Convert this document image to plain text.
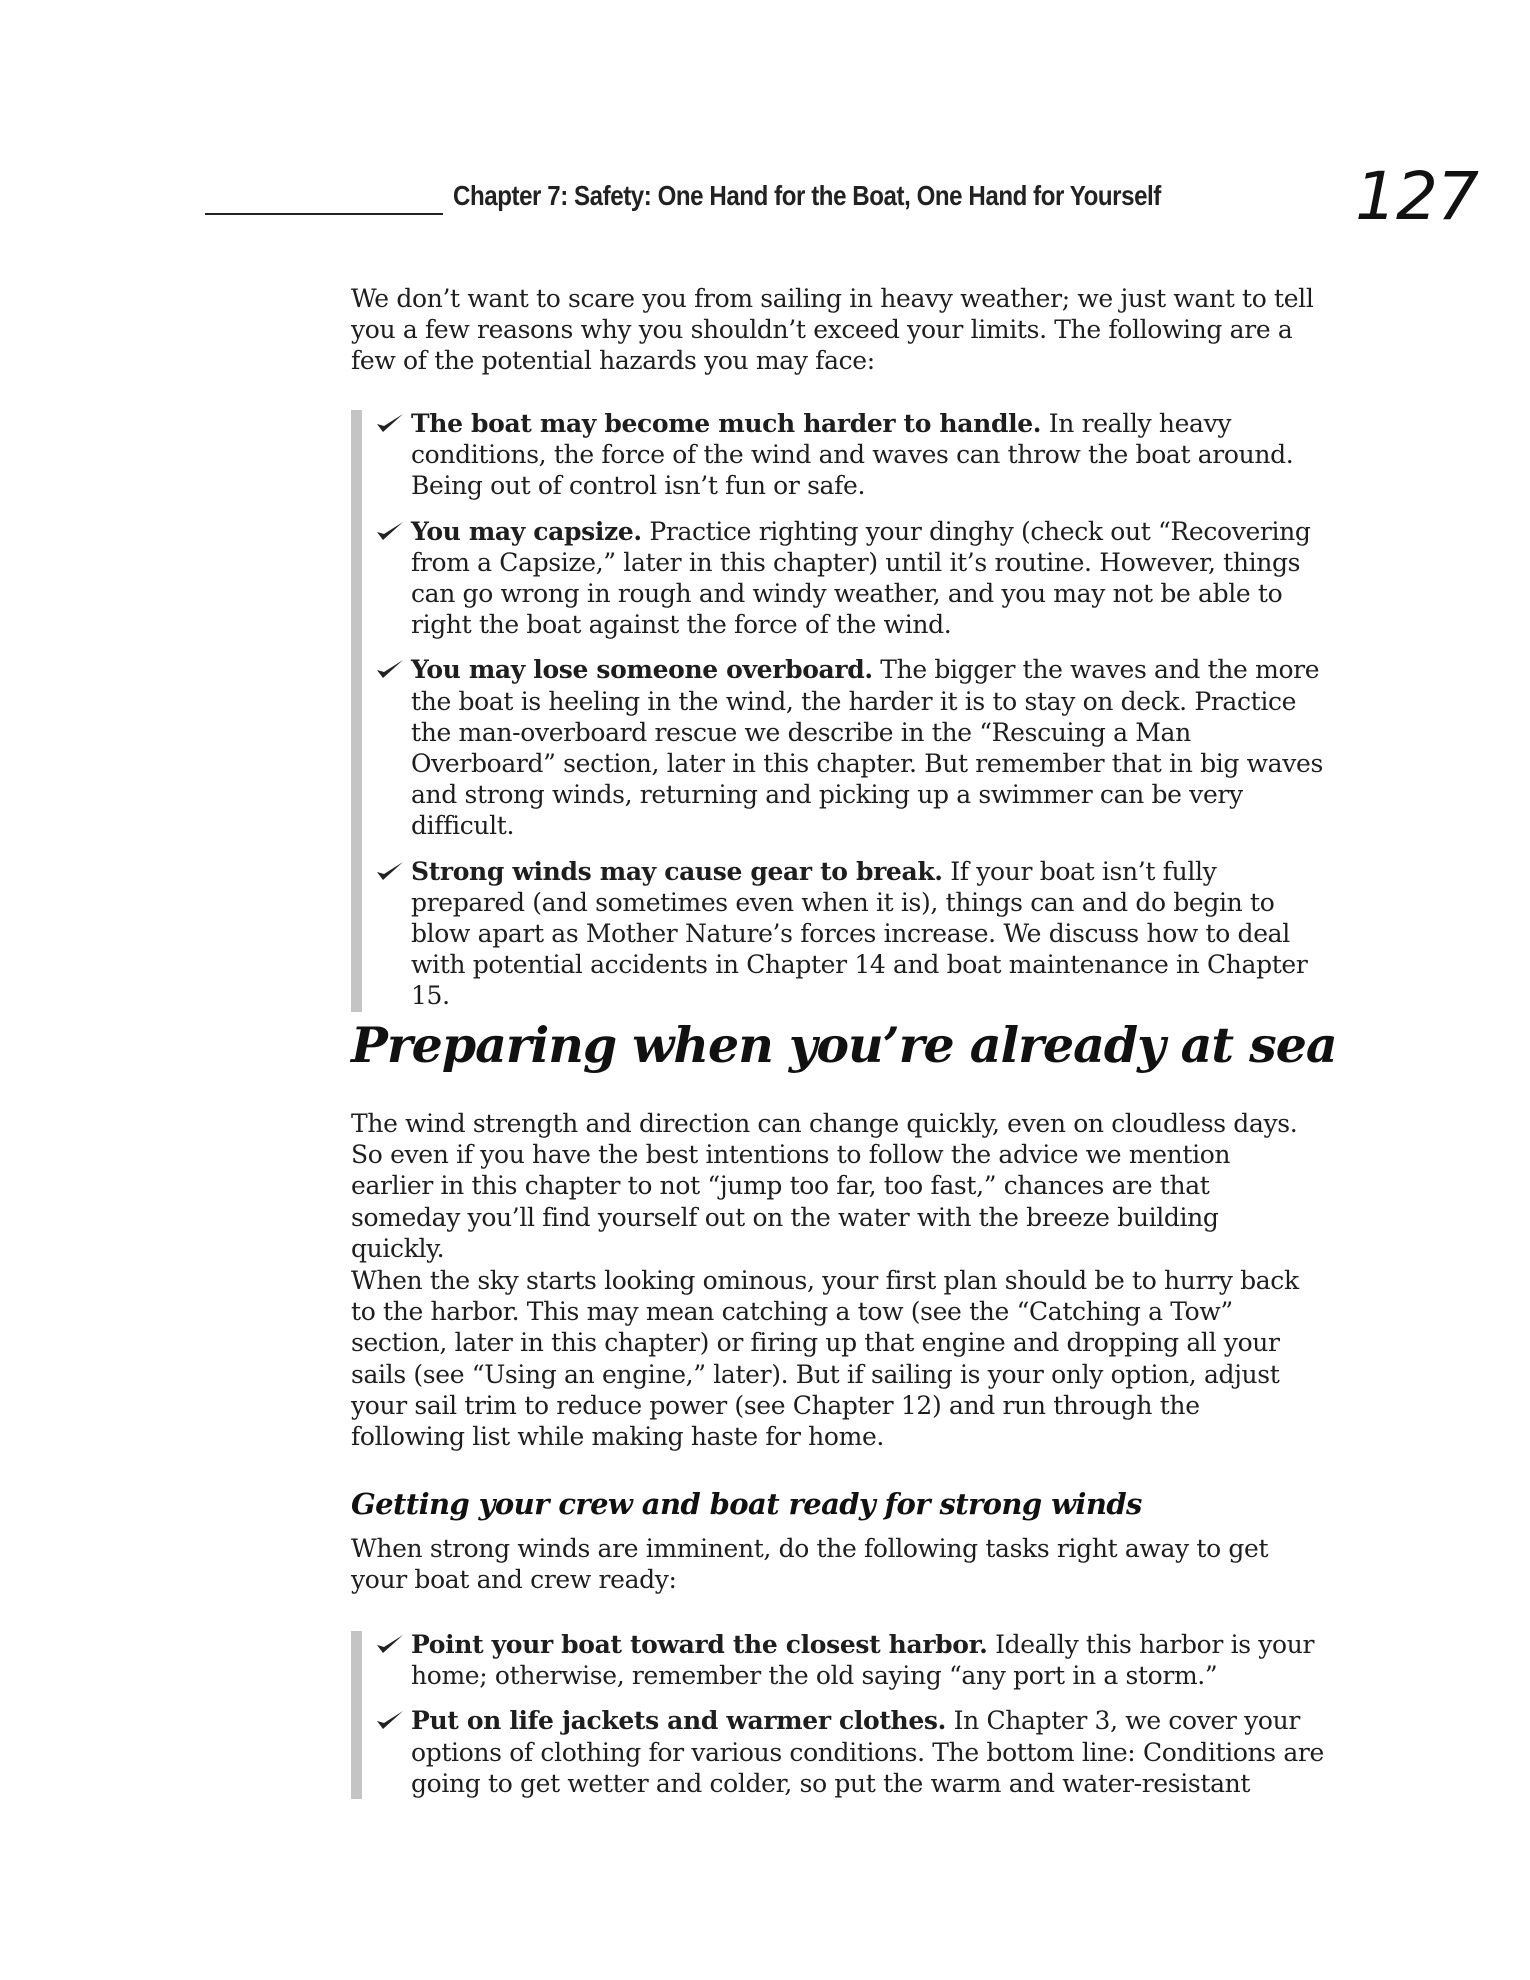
Chapter 7: Safety: One Hand for the Boat, One Hand for Yourself	127

We don’t want to scare you from sailing in heavy weather; we just want to tell you a few reasons why you shouldn’t exceed your limits. The following are a few of the potential hazards you may face:

The boat may become much harder to handle. In really heavy conditions, the force of the wind and waves can throw the boat around. Being out of control isn’t fun or safe.
You may capsize. Practice righting your dinghy (check out “Recovering from a Capsize,” later in this chapter) until it’s routine. However, things can go wrong in rough and windy weather, and you may not be able to right the boat against the force of the wind.
You may lose someone overboard. The bigger the waves and the more the boat is heeling in the wind, the harder it is to stay on deck. Practice the man-overboard rescue we describe in the “Rescuing a Man Overboard” section, later in this chapter. But remember that in big waves and strong winds, returning and picking up a swimmer can be very difficult.
Strong winds may cause gear to break. If your boat isn’t fully prepared (and sometimes even when it is), things can and do begin to blow apart as Mother Nature’s forces increase. We discuss how to deal with potential accidents in Chapter 14 and boat maintenance in Chapter 15.
Preparing when you’re already at sea

The wind strength and direction can change quickly, even on cloudless days. So even if you have the best intentions to follow the advice we mention earlier in this chapter to not “jump too far, too fast,” chances are that someday you’ll find yourself out on the water with the breeze building quickly.

When the sky starts looking ominous, your first plan should be to hurry back to the harbor. This may mean catching a tow (see the “Catching a Tow” section, later in this chapter) or firing up that engine and dropping all your sails (see “Using an engine,” later). But if sailing is your only option, adjust your sail trim to reduce power (see Chapter 12) and run through the following list while making haste for home.

Getting your crew and boat ready for strong winds

When strong winds are imminent, do the following tasks right away to get your boat and crew ready:

Point your boat toward the closest harbor. Ideally this harbor is your home; otherwise, remember the old saying “any port in a storm.”
Put on life jackets and warmer clothes. In Chapter 3, we cover your options of clothing for various conditions. The bottom line: Conditions are going to get wetter and colder, so put the warm and water-resistant
